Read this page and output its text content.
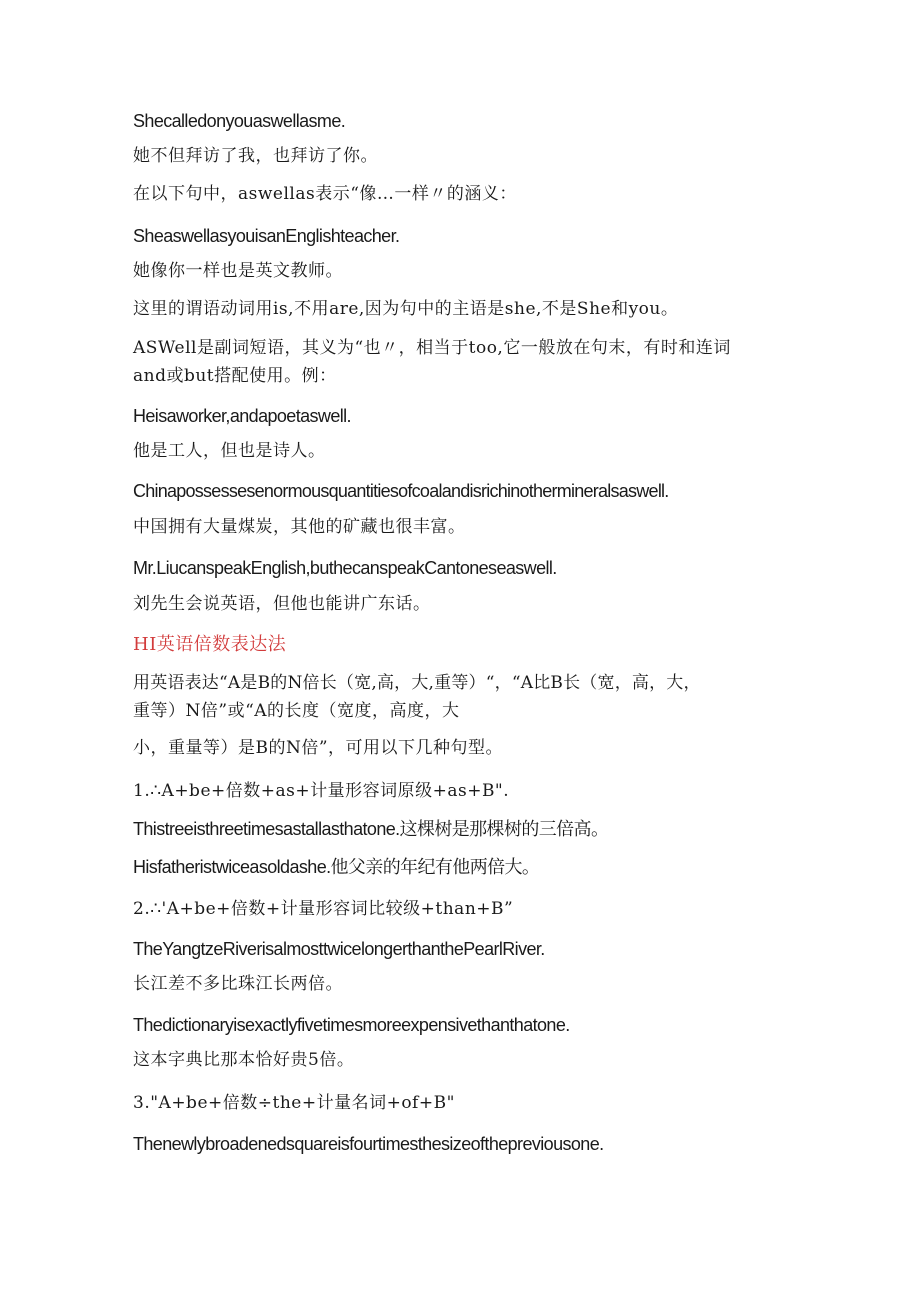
Shecalledonyouaswellasme.
她不但拜访了我，也拜访了你。
在以下句中，aswellas表示“像…一样〃的涵义：
SheaswellasyouisanEnglishteacher.
她像你一样也是英文教师。
这里的谓语动词用is,不用are,因为句中的主语是she,不是She和you。
ASWell是副词短语，其义为“也〃，相当于too,它一般放在句末，有时和连词
and或but搭配使用。例：
Heisaworker,andapoetaswell.
他是工人，但也是诗人。
Chinapossessesenormousquantitiesofcoalandisrichinothermineralsaswell.
中国拥有大量煤炭，其他的矿藏也很丰富。
Mr.LiucanspeakEnglish,buthecanspeakCantoneseaswell.
刘先生会说英语，但他也能讲广东话。
HI英语倍数表达法
用英语表达“A是B的N倍长（宽,高，大,重等）“，“A比B长（宽，高，大，
重等）N倍”或“A的长度（宽度，高度，大
小，重量等）是B的N倍”，可用以下几种句型。
1.∴A+be+倍数+as+计量形容词原级+as+B".
Thistreeisthreetimesastallasthatone.这棵树是那棵树的三倍高。
Hisfatheristwiceasoldashe.他父亲的年纪有他两倍大。
2.∴'A+be+倍数+计量形容词比较级+than+B”
TheYangtzeRiverisalmosttwicelongerthanthePearlRiver.
长江差不多比珠江长两倍。
Thedictionaryisexactlyfivetimesmoreexpensivethanthatone.
这本字典比那本恰好贵5倍。
3."A+be+倍数÷the+计量名词+of+B"
Thenewlybroadenedsquareisfourtimesthesizeofthepreviousone.
